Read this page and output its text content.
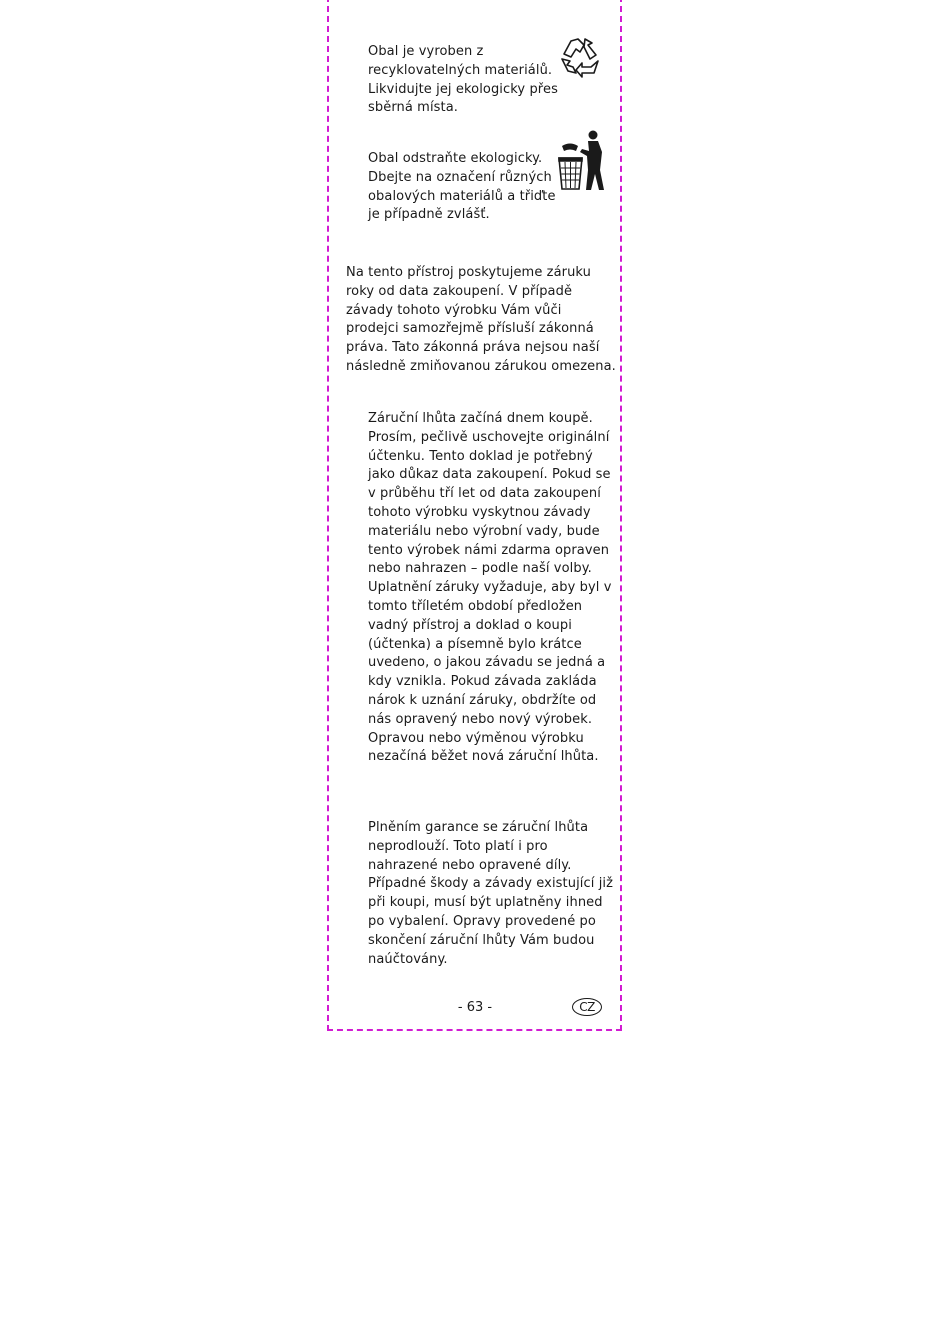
Obal je vyroben z
recyklovatelných materiálů.
Likvidujte jej ekologicky přes
sběrná místa.

Obal odstraňte ekologicky.
Dbejte na označení různých
obalových materiálů a třiďte
je případně zvlášť.

Na tento přístroj poskytujeme záruku
roky od data zakoupení. V případě
závady tohoto výrobku Vám vůči
prodejci samozřejmě přísluší zákonná
práva. Tato zákonná práva nejsou naší
následně zmiňovanou zárukou omezena.

Záruční lhůta začíná dnem koupě.
Prosím, pečlivě uschovejte originální
účtenku. Tento doklad je potřebný
jako důkaz data zakoupení. Pokud se
v průběhu tří let od data zakoupení
tohoto výrobku vyskytnou závady
materiálu nebo výrobní vady, bude
tento výrobek námi zdarma opraven
nebo nahrazen – podle naší volby.
Uplatnění záruky vyžaduje, aby byl v
tomto tříletém období předložen
vadný přístroj a doklad o koupi
(účtenka) a písemně bylo krátce
uvedeno, o jakou závadu se jedná a
kdy vznikla. Pokud závada zakláda
nárok k uznání záruky, obdržíte od
nás opravený nebo nový výrobek.
Opravou nebo výměnou výrobku
nezačíná běžet nová záruční lhůta.

Plněním garance se záruční lhůta
neprodlouží. Toto platí i pro
nahrazené nebo opravené díly.
Případné škody a závady existující již
při koupi, musí být uplatněny ihned
po vybalení. Opravy provedené po
skončení záruční lhůty Vám budou
naúčtovány.

- 63 -	CZ
